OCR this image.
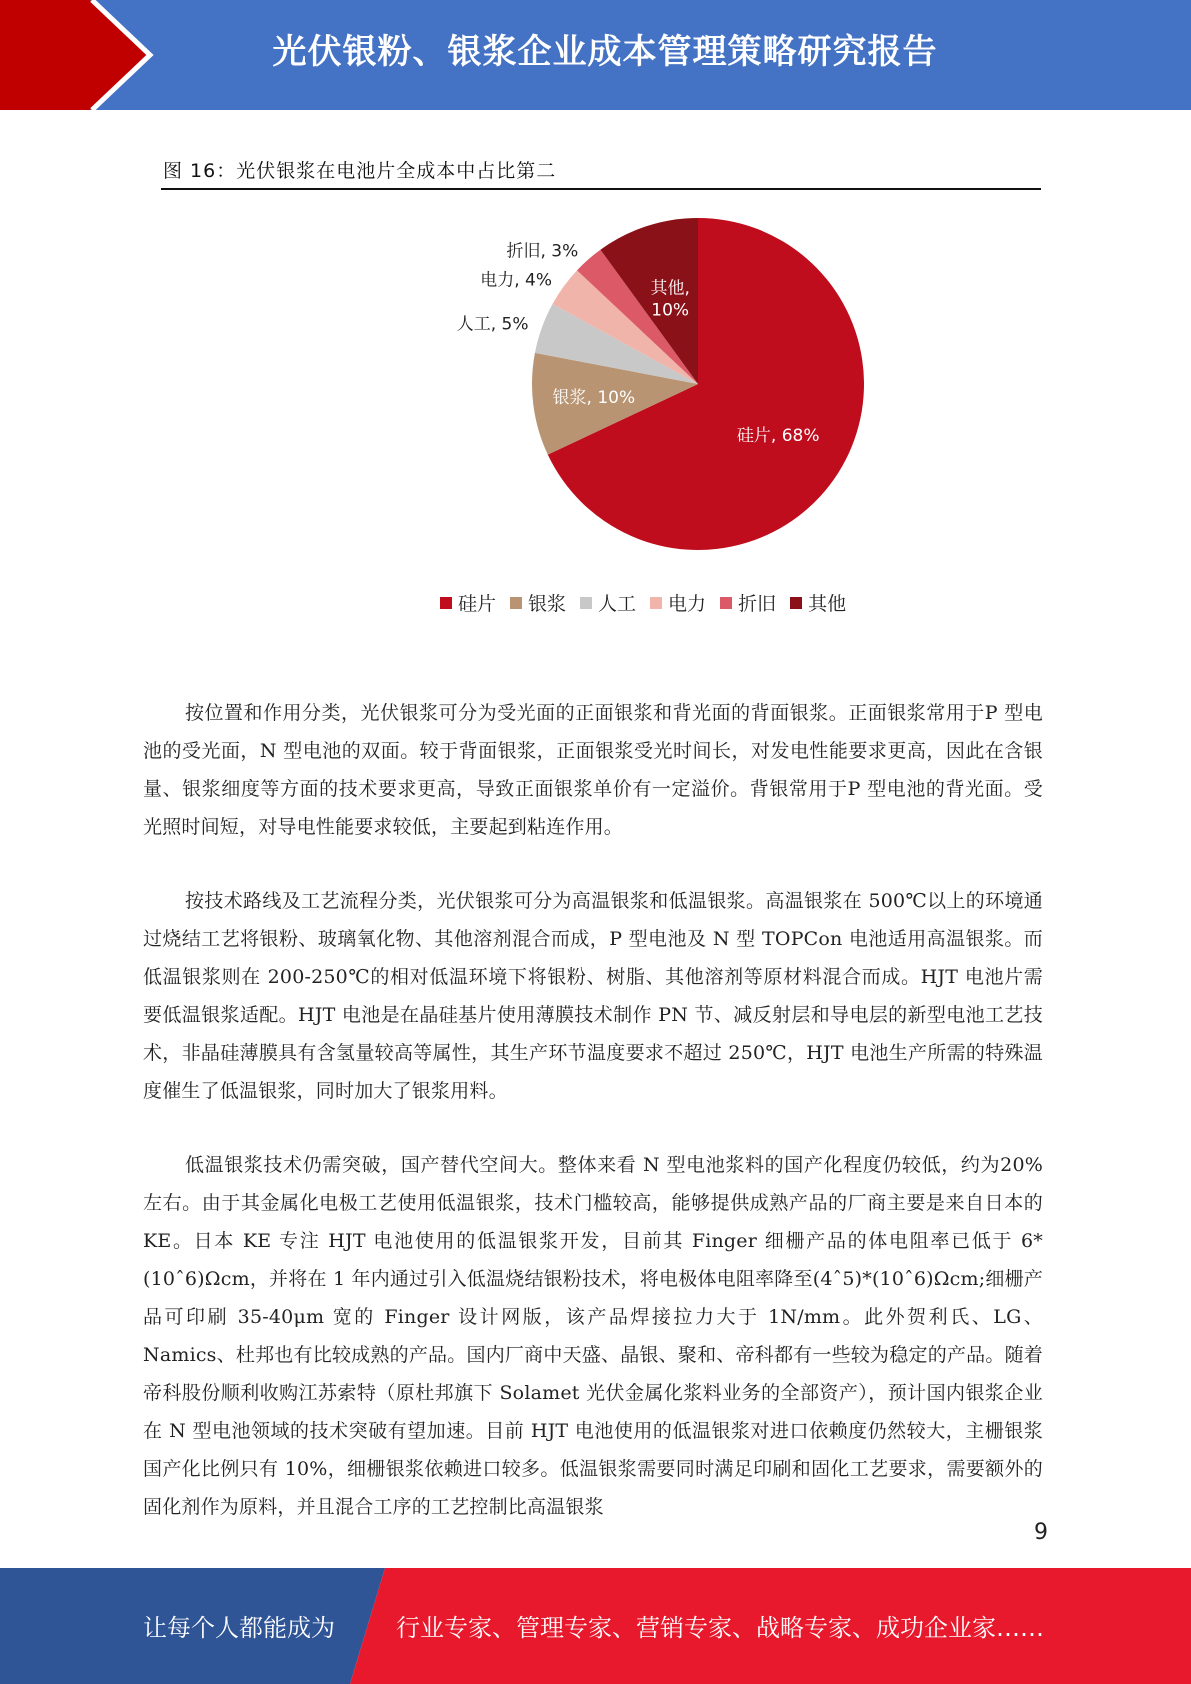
光伏银粉、银浆企业成本管理策略研究报告
图 16：光伏银浆在电池片全成本中占比第二
硅片, 68%
银浆, 10%
人工, 5%
电力, 4%
折旧, 3%
其他, 10%
硅片 银浆 人工 电力 折旧 其他

按位置和作用分类，光伏银浆可分为受光面的正面银浆和背光面的背面银浆。正面银浆常用于P 型电池的受光面，N 型电池的双面。较于背面银浆，正面银浆受光时间长，对发电性能要求更高，因此在含银量、银浆细度等方面的技术要求更高，导致正面银浆单价有一定溢价。背银常用于P 型电池的背光面。受光照时间短，对导电性能要求较低，主要起到粘连作用。

按技术路线及工艺流程分类，光伏银浆可分为高温银浆和低温银浆。高温银浆在 500℃以上的环境通过烧结工艺将银粉、玻璃氧化物、其他溶剂混合而成，P 型电池及 N 型 TOPCon 电池适用高温银浆。而低温银浆则在 200-250℃的相对低温环境下将银粉、树脂、其他溶剂等原材料混合而成。HJT 电池片需要低温银浆适配。HJT 电池是在晶硅基片使用薄膜技术制作 PN 节、减反射层和导电层的新型电池工艺技术，非晶硅薄膜具有含氢量较高等属性，其生产环节温度要求不超过 250℃，HJT 电池生产所需的特殊温度催生了低温银浆，同时加大了银浆用料。

低温银浆技术仍需突破，国产替代空间大。整体来看 N 型电池浆料的国产化程度仍较低，约为20%左右。由于其金属化电极工艺使用低温银浆，技术门槛较高，能够提供成熟产品的厂商主要是来自日本的 KE。日本 KE 专注 HJT 电池使用的低温银浆开发，目前其 Finger 细栅产品的体电阻率已低于 6*(10ˆ6)Ωcm，并将在 1 年内通过引入低温烧结银粉技术，将电极体电阻率降至(4ˆ5)*(10ˆ6)Ωcm;细栅产品可印刷 35-40μm 宽的 Finger 设计网版，该产品焊接拉力大于 1N/mm。此外贺利氏、LG、Namics、杜邦也有比较成熟的产品。国内厂商中天盛、晶银、聚和、帝科都有一些较为稳定的产品。随着帝科股份顺利收购江苏索特（原杜邦旗下 Solamet 光伏金属化浆料业务的全部资产），预计国内银浆企业在 N 型电池领域的技术突破有望加速。目前 HJT 电池使用的低温银浆对进口依赖度仍然较大，主栅银浆国产化比例只有 10%，细栅银浆依赖进口较多。低温银浆需要同时满足印刷和固化工艺要求，需要额外的固化剂作为原料，并且混合工序的工艺控制比高温银浆

9
让每个人都能成为	行业专家、管理专家、营销专家、战略专家、成功企业家……
